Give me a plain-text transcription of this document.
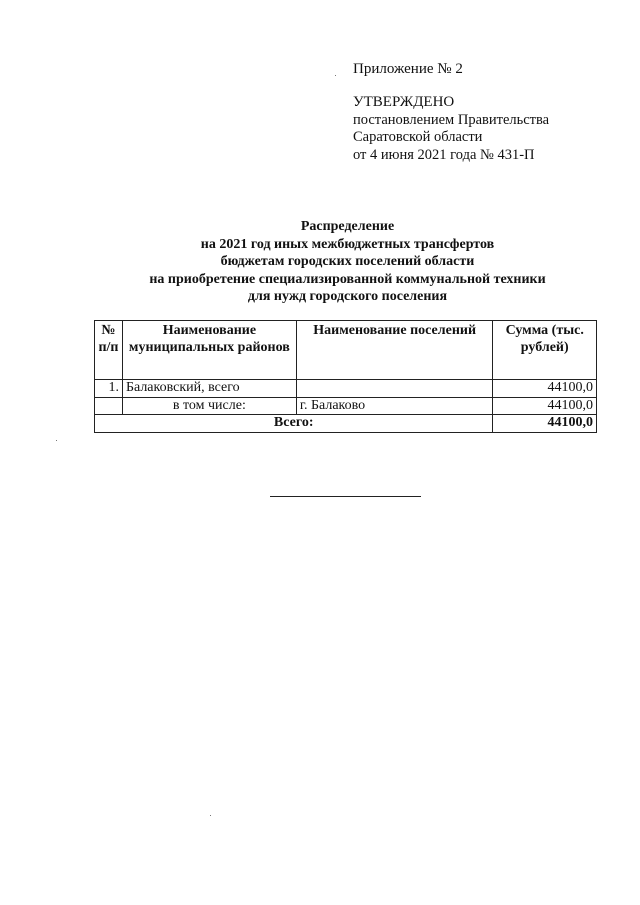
Приложение № 2
УТВЕРЖДЕНО
постановлением Правительства
Саратовской области
от 4 июня 2021 года № 431-П
Распределение
на 2021 год иных межбюджетных трансфертов
бюджетам городских поселений области
на приобретение специализированной коммунальной техники
для нужд городского поселения
№ п/п	Наименование муниципальных районов	Наименование поселений	Сумма (тыс. рублей)
1.	Балаковский, всего		44100,0
	в том числе:	г. Балаково	44100,0
Всего:			44100,0
